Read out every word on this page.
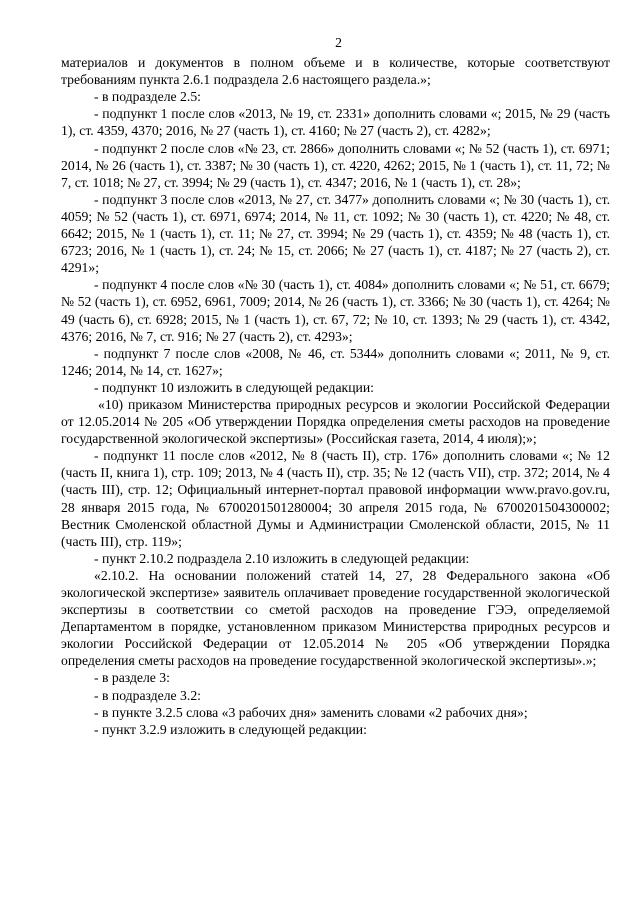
2

материалов и документов в полном объеме и в количестве, которые соответствуют требованиям пункта 2.6.1 подраздела 2.6 настоящего раздела.»;

- в подразделе 2.5:

- подпункт 1 после слов «2013, № 19, ст. 2331» дополнить словами «; 2015, № 29 (часть 1), ст. 4359, 4370; 2016, № 27 (часть 1), ст. 4160; № 27 (часть 2), ст. 4282»;

- подпункт 2 после слов «№ 23, ст. 2866» дополнить словами «; № 52 (часть 1), ст. 6971; 2014, № 26 (часть 1), ст. 3387; № 30 (часть 1), ст. 4220, 4262; 2015, № 1 (часть 1), ст. 11, 72; № 7, ст. 1018; № 27, ст. 3994; № 29 (часть 1), ст. 4347; 2016, № 1 (часть 1), ст. 28»;

- подпункт 3 после слов «2013, № 27, ст. 3477» дополнить словами «; № 30 (часть 1), ст. 4059; № 52 (часть 1), ст. 6971, 6974; 2014, № 11, ст. 1092; № 30 (часть 1), ст. 4220; № 48, ст. 6642; 2015, № 1 (часть 1), ст. 11; № 27, ст. 3994; № 29 (часть 1), ст. 4359; № 48 (часть 1), ст. 6723; 2016, № 1 (часть 1), ст. 24; № 15, ст. 2066; № 27 (часть 1), ст. 4187; № 27 (часть 2), ст. 4291»;

- подпункт 4 после слов «№ 30 (часть 1), ст. 4084» дополнить словами «; № 51, ст. 6679; № 52 (часть 1), ст. 6952, 6961, 7009; 2014, № 26 (часть 1), ст. 3366; № 30 (часть 1), ст. 4264; № 49 (часть 6), ст. 6928; 2015, № 1 (часть 1), ст. 67, 72; № 10, ст. 1393; № 29 (часть 1), ст. 4342, 4376; 2016, № 7, ст. 916; № 27 (часть 2), ст. 4293»;

- подпункт 7 после слов «2008, № 46, ст. 5344» дополнить словами «; 2011, № 9, ст. 1246; 2014, № 14, ст. 1627»;

- подпункт 10 изложить в следующей редакции:

«10) приказом Министерства природных ресурсов и экологии Российской Федерации от 12.05.2014 № 205 «Об утверждении Порядка определения сметы расходов на проведение государственной экологической экспертизы» (Российская газета, 2014, 4 июля);»;

- подпункт 11 после слов «2012, № 8 (часть II), стр. 176» дополнить словами «; № 12 (часть II, книга 1), стр. 109; 2013, № 4 (часть II), стр. 35; № 12 (часть VII), стр. 372; 2014, № 4 (часть III), стр. 12; Официальный интернет-портал правовой информации www.pravo.gov.ru, 28 января 2015 года, № 6700201501280004; 30 апреля 2015 года, № 6700201504300002; Вестник Смоленской областной Думы и Администрации Смоленской области, 2015, № 11 (часть III), стр. 119»;

- пункт 2.10.2 подраздела 2.10 изложить в следующей редакции:

«2.10.2. На основании положений статей 14, 27, 28 Федерального закона «Об экологической экспертизе» заявитель оплачивает проведение государственной экологической экспертизы в соответствии со сметой расходов на проведение ГЭЭ, определяемой Департаментом в порядке, установленном приказом Министерства природных ресурсов и экологии Российской Федерации от 12.05.2014 № 205 «Об утверждении Порядка определения сметы расходов на проведение государственной экологической экспертизы».»;

- в разделе 3:

- в подразделе 3.2:

- в пункте 3.2.5 слова «3 рабочих дня» заменить словами «2 рабочих дня»;

- пункт 3.2.9 изложить в следующей редакции:
